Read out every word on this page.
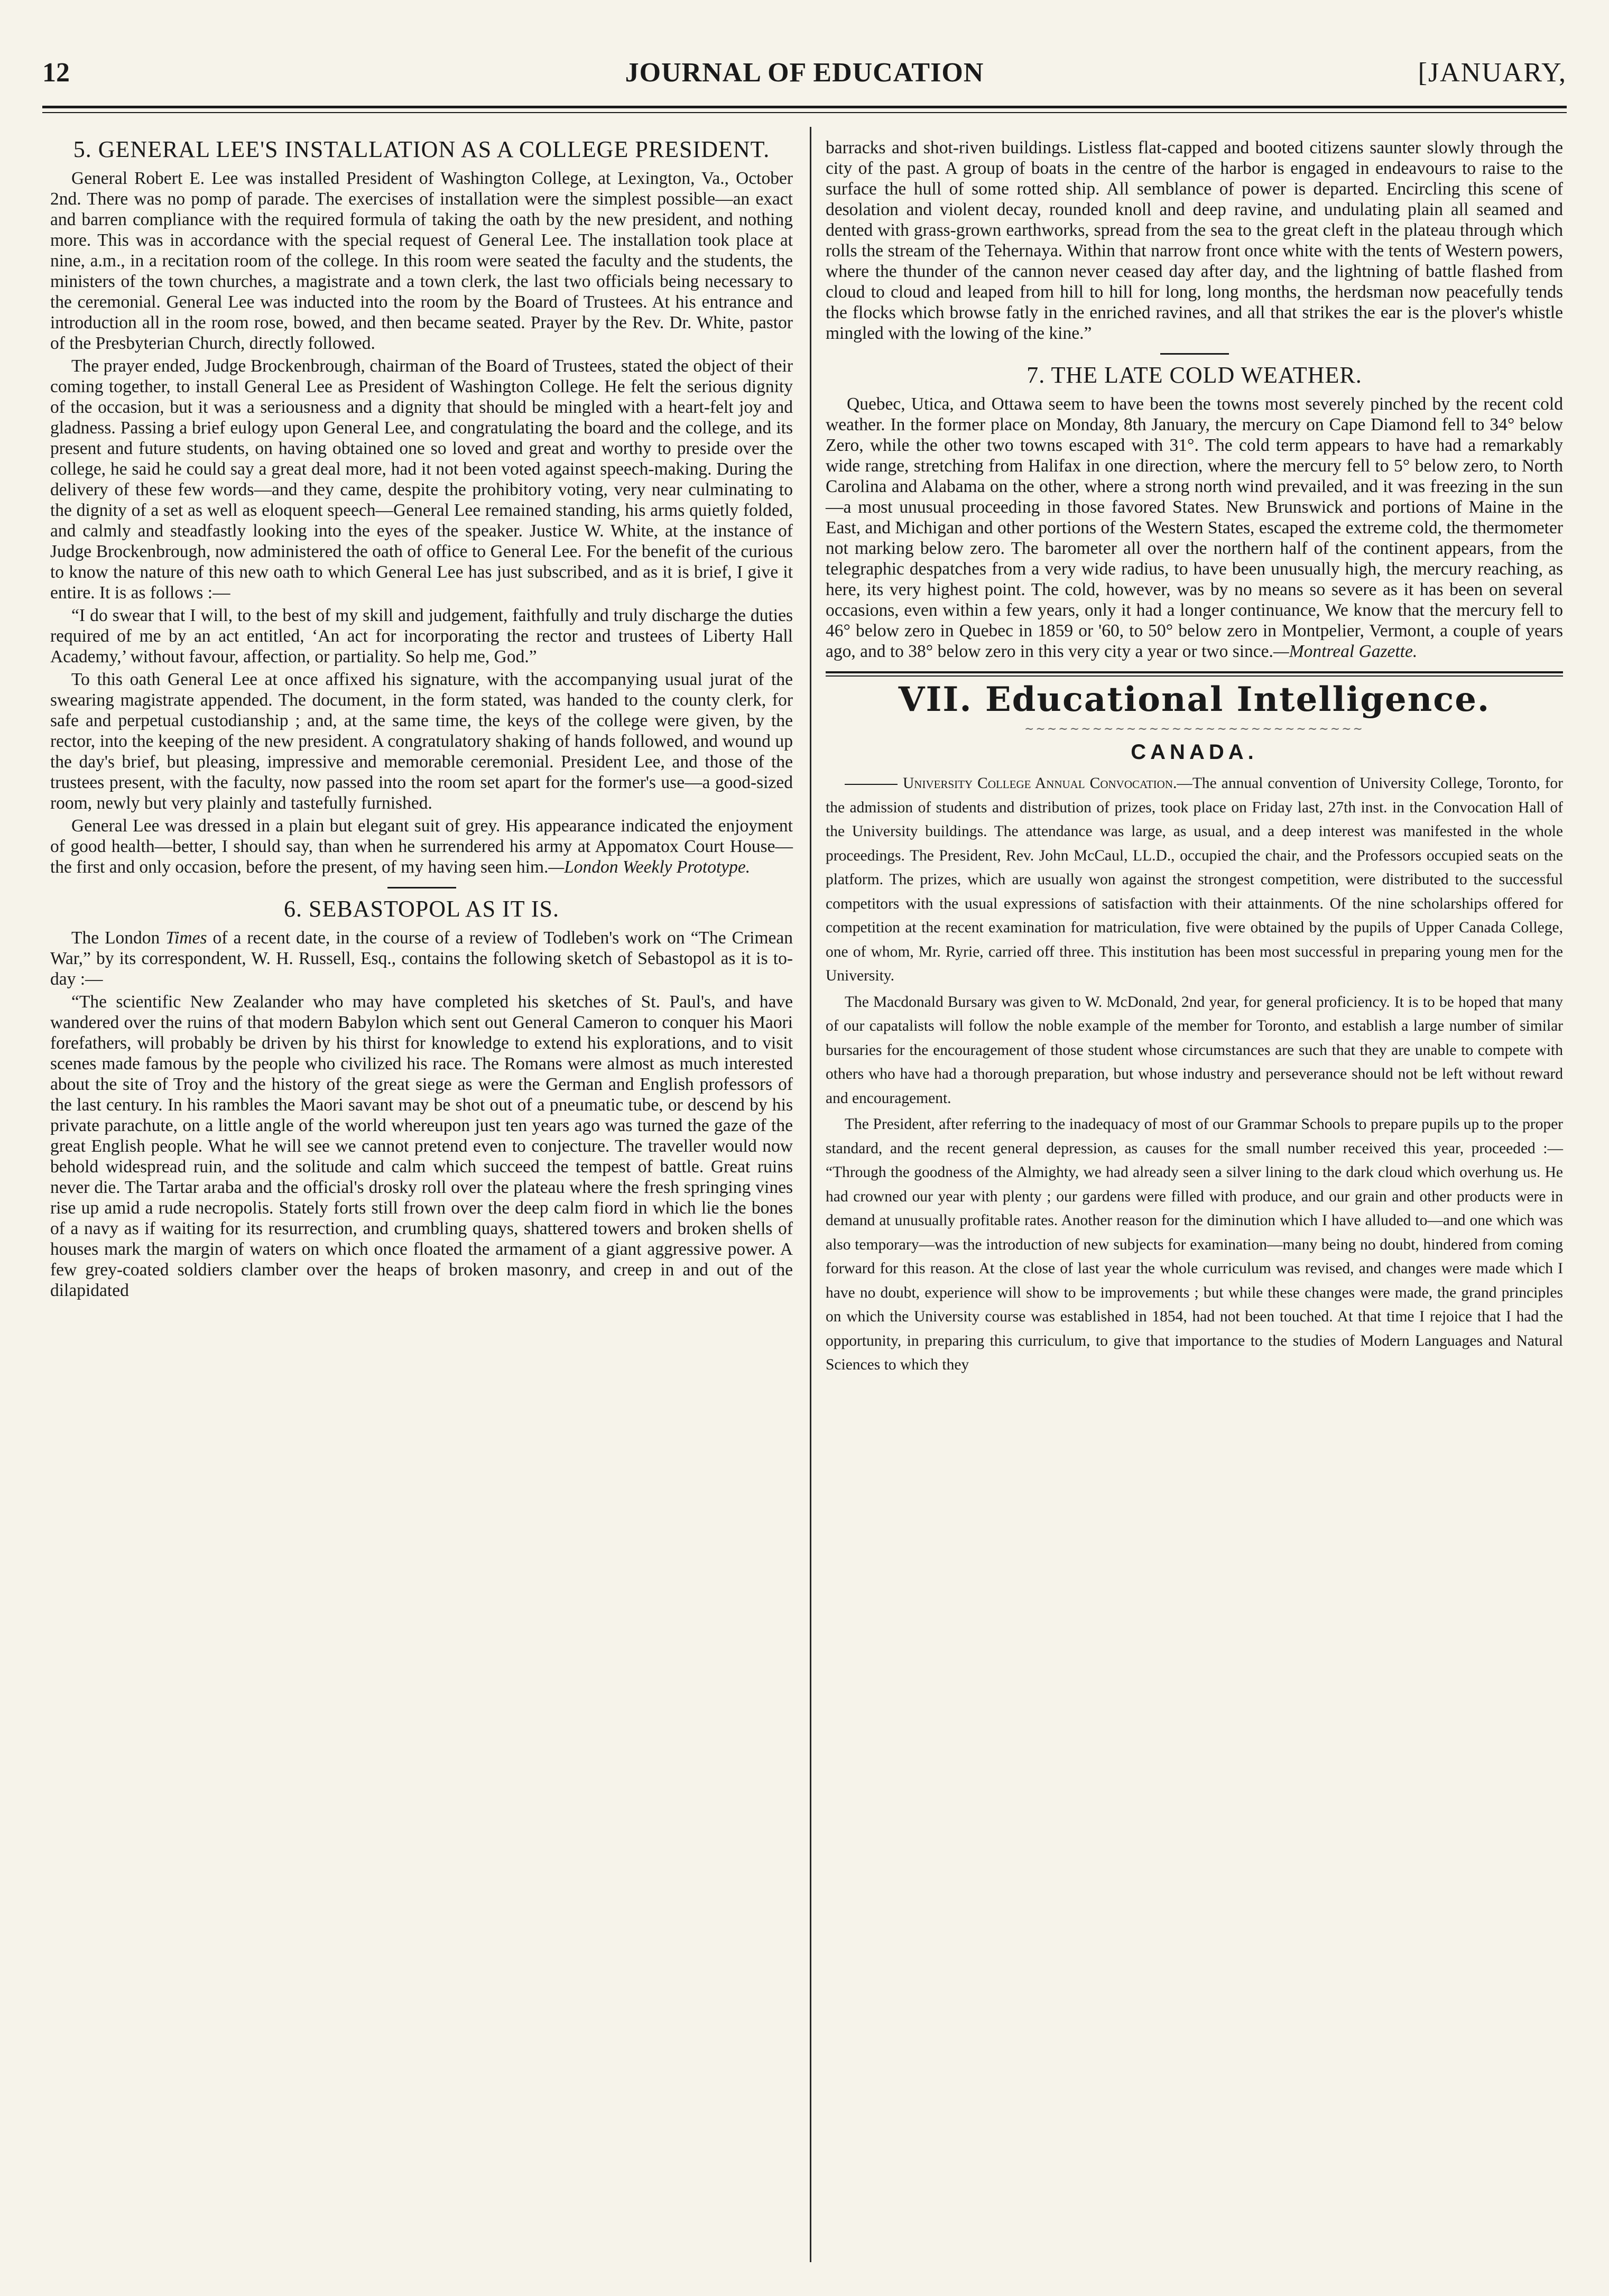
12	JOURNAL OF EDUCATION	[JANUARY,
5. GENERAL LEE'S INSTALLATION AS A COLLEGE PRESIDENT.

General Robert E. Lee was installed President of Washington College, at Lexington, Va., October 2nd. There was no pomp of parade. The exercises of installation were the simplest possible—an exact and barren compliance with the required formula of taking the oath by the new president, and nothing more. This was in accordance with the special request of General Lee. The installation took place at nine, a.m., in a recitation room of the college. In this room were seated the faculty and the students, the ministers of the town churches, a magistrate and a town clerk, the last two officials being necessary to the ceremonial. General Lee was inducted into the room by the Board of Trustees. At his entrance and introduction all in the room rose, bowed, and then became seated. Prayer by the Rev. Dr. White, pastor of the Presbyterian Church, directly followed.

The prayer ended, Judge Brockenbrough, chairman of the Board of Trustees, stated the object of their coming together, to install General Lee as President of Washington College. He felt the serious dignity of the occasion, but it was a seriousness and a dignity that should be mingled with a heart-felt joy and gladness. Passing a brief eulogy upon General Lee, and congratulating the board and the college, and its present and future students, on having obtained one so loved and great and worthy to preside over the college, he said he could say a great deal more, had it not been voted against speech-making. During the delivery of these few words—and they came, despite the prohibitory voting, very near culminating to the dignity of a set as well as eloquent speech—General Lee remained standing, his arms quietly folded, and calmly and steadfastly looking into the eyes of the speaker. Justice W. White, at the instance of Judge Brockenbrough, now administered the oath of office to General Lee. For the benefit of the curious to know the nature of this new oath to which General Lee has just subscribed, and as it is brief, I give it entire. It is as follows :—

“I do swear that I will, to the best of my skill and judgement, faithfully and truly discharge the duties required of me by an act entitled, ‘An act for incorporating the rector and trustees of Liberty Hall Academy,’ without favour, affection, or partiality. So help me, God.”

To this oath General Lee at once affixed his signature, with the accompanying usual jurat of the swearing magistrate appended. The document, in the form stated, was handed to the county clerk, for safe and perpetual custodianship ; and, at the same time, the keys of the college were given, by the rector, into the keeping of the new president. A congratulatory shaking of hands followed, and wound up the day's brief, but pleasing, impressive and memorable ceremonial. President Lee, and those of the trustees present, with the faculty, now passed into the room set apart for the former's use—a good-sized room, newly but very plainly and tastefully furnished.

General Lee was dressed in a plain but elegant suit of grey. His appearance indicated the enjoyment of good health—better, I should say, than when he surrendered his army at Appomatox Court House—the first and only occasion, before the present, of my having seen him.—London Weekly Prototype.

6. SEBASTOPOL AS IT IS.

The London Times of a recent date, in the course of a review of Todleben's work on “The Crimean War,” by its correspondent, W. H. Russell, Esq., contains the following sketch of Sebastopol as it is to-day :—

“The scientific New Zealander who may have completed his sketches of St. Paul's, and have wandered over the ruins of that modern Babylon which sent out General Cameron to conquer his Maori forefathers, will probably be driven by his thirst for knowledge to extend his explorations, and to visit scenes made famous by the people who civilized his race. The Romans were almost as much interested about the site of Troy and the history of the great siege as were the German and English professors of the last century. In his rambles the Maori savant may be shot out of a pneumatic tube, or descend by his private parachute, on a little angle of the world whereupon just ten years ago was turned the gaze of the great English people. What he will see we cannot pretend even to conjecture. The traveller would now behold widespread ruin, and the solitude and calm which succeed the tempest of battle. Great ruins never die. The Tartar araba and the official's drosky roll over the plateau where the fresh springing vines rise up amid a rude necropolis. Stately forts still frown over the deep calm fiord in which lie the bones of a navy as if waiting for its resurrection, and crumbling quays, shattered towers and broken shells of houses mark the margin of waters on which once floated the armament of a giant aggressive power. A few grey-coated soldiers clamber over the heaps of broken masonry, and creep in and out of the dilapidated

barracks and shot-riven buildings. Listless flat-capped and booted citizens saunter slowly through the city of the past. A group of boats in the centre of the harbor is engaged in endeavours to raise to the surface the hull of some rotted ship. All semblance of power is departed. Encircling this scene of desolation and violent decay, rounded knoll and deep ravine, and undulating plain all seamed and dented with grass-grown earthworks, spread from the sea to the great cleft in the plateau through which rolls the stream of the Tehernaya. Within that narrow front once white with the tents of Western powers, where the thunder of the cannon never ceased day after day, and the lightning of battle flashed from cloud to cloud and leaped from hill to hill for long, long months, the herdsman now peacefully tends the flocks which browse fatly in the enriched ravines, and all that strikes the ear is the plover's whistle mingled with the lowing of the kine.”

7. THE LATE COLD WEATHER.

Quebec, Utica, and Ottawa seem to have been the towns most severely pinched by the recent cold weather. In the former place on Monday, 8th January, the mercury on Cape Diamond fell to 34° below Zero, while the other two towns escaped with 31°. The cold term appears to have had a remarkably wide range, stretching from Halifax in one direction, where the mercury fell to 5° below zero, to North Carolina and Alabama on the other, where a strong north wind prevailed, and it was freezing in the sun—a most unusual proceeding in those favored States. New Brunswick and portions of Maine in the East, and Michigan and other portions of the Western States, escaped the extreme cold, the thermometer not marking below zero. The barometer all over the northern half of the continent appears, from the telegraphic despatches from a very wide radius, to have been unusually high, the mercury reaching, as here, its very highest point. The cold, however, was by no means so severe as it has been on several occasions, even within a few years, only it had a longer continuance, We know that the mercury fell to 46° below zero in Quebec in 1859 or '60, to 50° below zero in Montpelier, Vermont, a couple of years ago, and to 38° below zero in this very city a year or two since.—Montreal Gazette.

VII. Educational Intelligence.
∼∼∼∼∼∼∼∼∼∼∼∼∼∼∼∼∼∼∼∼∼∼∼∼∼∼∼∼∼∼
CANADA.

University College Annual Convocation.—The annual convention of University College, Toronto, for the admission of students and distribution of prizes, took place on Friday last, 27th inst. in the Convocation Hall of the University buildings. The attendance was large, as usual, and a deep interest was manifested in the whole proceedings. The President, Rev. John McCaul, LL.D., occupied the chair, and the Professors occupied seats on the platform. The prizes, which are usually won against the strongest competition, were distributed to the successful competitors with the usual expressions of satisfaction with their attainments. Of the nine scholarships offered for competition at the recent examination for matriculation, five were obtained by the pupils of Upper Canada College, one of whom, Mr. Ryrie, carried off three. This institution has been most successful in preparing young men for the University.

The Macdonald Bursary was given to W. McDonald, 2nd year, for general proficiency. It is to be hoped that many of our capatalists will follow the noble example of the member for Toronto, and establish a large number of similar bursaries for the encouragement of those student whose circumstances are such that they are unable to compete with others who have had a thorough preparation, but whose industry and perseverance should not be left without reward and encouragement.

The President, after referring to the inadequacy of most of our Grammar Schools to prepare pupils up to the proper standard, and the recent general depression, as causes for the small number received this year, proceeded :— “Through the goodness of the Almighty, we had already seen a silver lining to the dark cloud which overhung us. He had crowned our year with plenty ; our gardens were filled with produce, and our grain and other products were in demand at unusually profitable rates. Another reason for the diminution which I have alluded to—and one which was also temporary—was the introduction of new subjects for examination—many being no doubt, hindered from coming forward for this reason. At the close of last year the whole curriculum was revised, and changes were made which I have no doubt, experience will show to be improvements ; but while these changes were made, the grand principles on which the University course was established in 1854, had not been touched. At that time I rejoice that I had the opportunity, in preparing this curriculum, to give that importance to the studies of Modern Languages and Natural Sciences to which they
